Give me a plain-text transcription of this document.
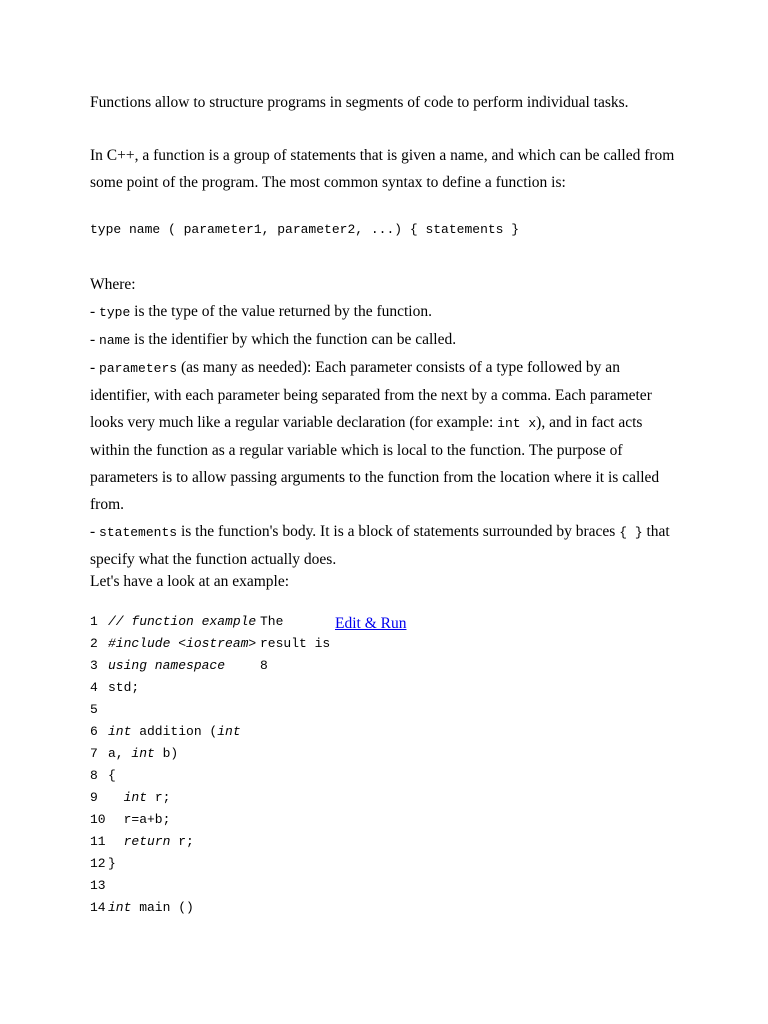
Functions allow to structure programs in segments of code to perform individual tasks.

In C++, a function is a group of statements that is given a name, and which can be called from some point of the program. The most common syntax to define a function is:

type name ( parameter1, parameter2, ...) { statements }
Where:
- type is the type of the value returned by the function.
- name is the identifier by which the function can be called.
- parameters (as many as needed): Each parameter consists of a type followed by an identifier, with each parameter being separated from the next by a comma. Each parameter looks very much like a regular variable declaration (for example: int x), and in fact acts within the function as a regular variable which is local to the function. The purpose of parameters is to allow passing arguments to the function from the location where it is called from.
- statements is the function's body. It is a block of statements surrounded by braces { } that specify what the function actually does.

Let's have a look at an example:

1 // function example
2 #include <iostream>
3 using namespace
4 std;
5
6 int addition ( int
7 a, int b)
8 {
9
	int r;
10 r=a+b;
11
return r;
12 }
13
14 int main ()
The
result is
8
Edit & Run
